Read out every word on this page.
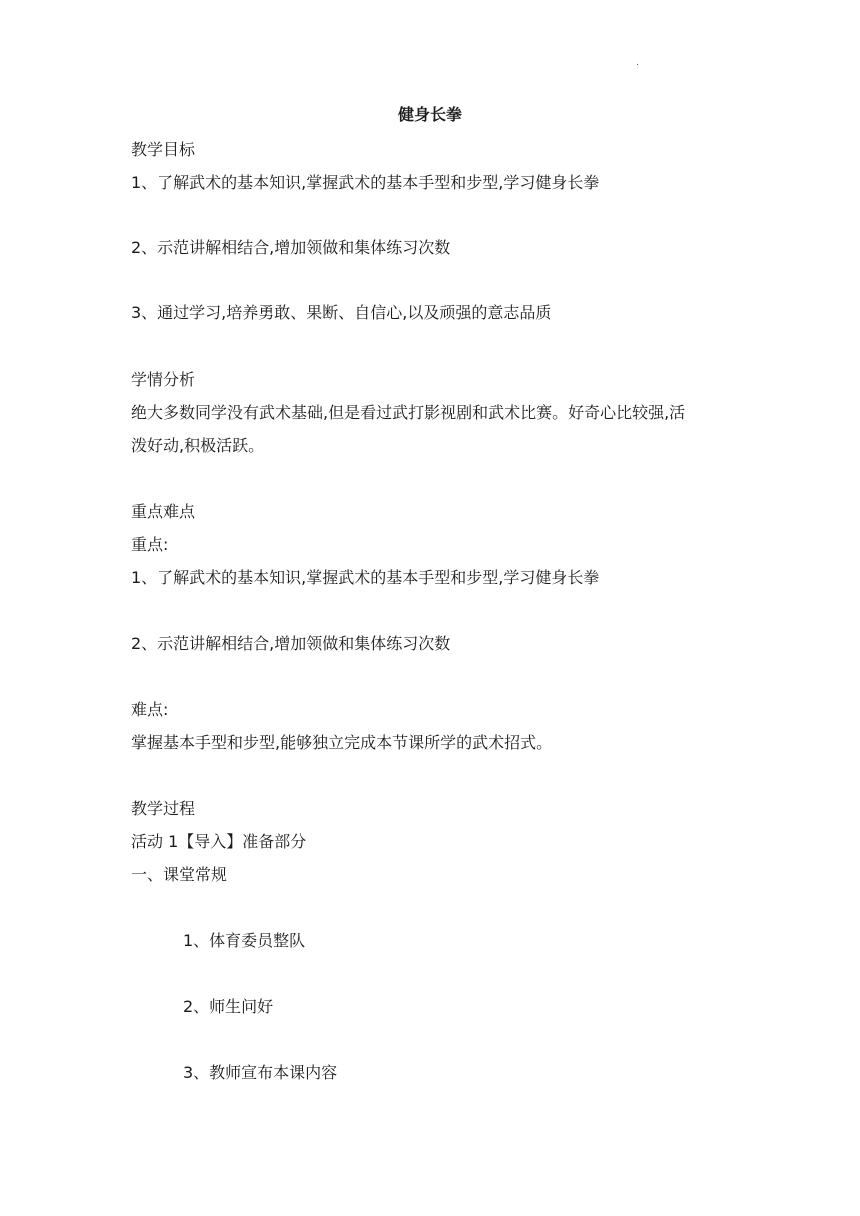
.
健身长拳
教学目标
1、了解武术的基本知识,掌握武术的基本手型和步型,学习健身长拳
2、示范讲解相结合,增加领做和集体练习次数
3、通过学习,培养勇敢、果断、自信心,以及顽强的意志品质
学情分析
绝大多数同学没有武术基础,但是看过武打影视剧和武术比赛。好奇心比较强,活
泼好动,积极活跃。
重点难点
重点:
1、了解武术的基本知识,掌握武术的基本手型和步型,学习健身长拳
2、示范讲解相结合,增加领做和集体练习次数
难点:
掌握基本手型和步型,能够独立完成本节课所学的武术招式。
教学过程
活动 1【导入】准备部分
一、课堂常规
1、体育委员整队
2、师生问好
3、教师宣布本课内容
